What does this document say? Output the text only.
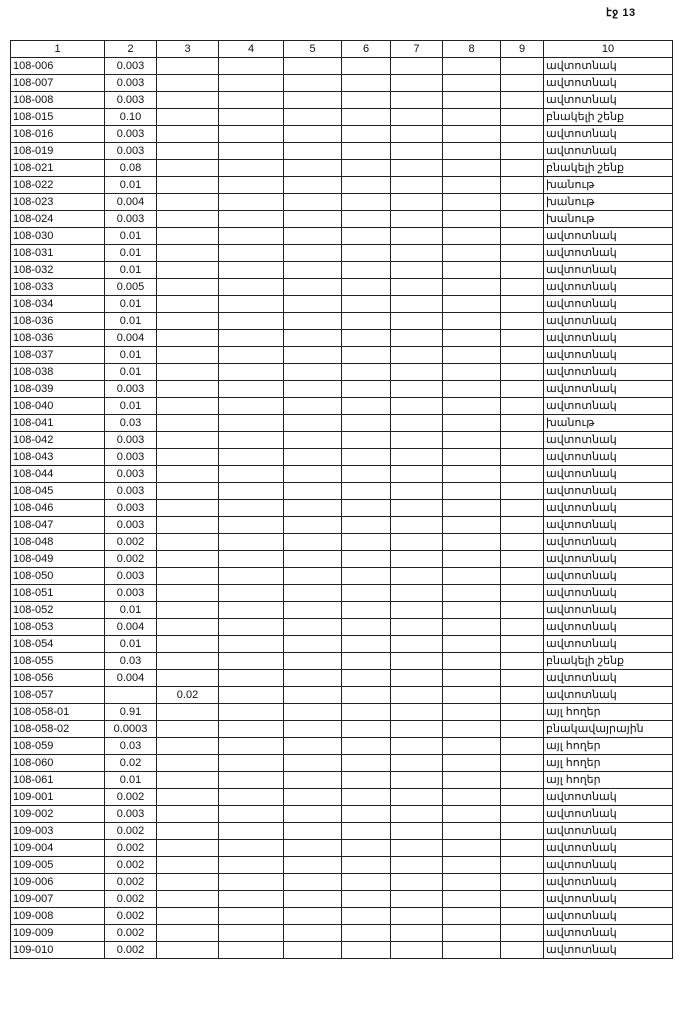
էջ 13
1	2	3	4	5	6	7	8	9	10
108-006	0.003								ավտոտնակ
108-007	0.003								ավտոտնակ
108-008	0.003								ավտոտնակ
108-015	0.10								բնակելի շենք
108-016	0.003								ավտոտնակ
108-019	0.003								ավտոտնակ
108-021	0.08								բնակելի շենք
108-022	0.01								խանութ
108-023	0.004								խանութ
108-024	0.003								խանութ
108-030	0.01								ավտոտնակ
108-031	0.01								ավտոտնակ
108-032	0.01								ավտոտնակ
108-033	0.005								ավտոտնակ
108-034	0.01								ավտոտնակ
108-036	0.01								ավտոտնակ
108-036	0.004								ավտոտնակ
108-037	0.01								ավտոտնակ
108-038	0.01								ավտոտնակ
108-039	0.003								ավտոտնակ
108-040	0.01								ավտոտնակ
108-041	0.03								խանութ
108-042	0.003								ավտոտնակ
108-043	0.003								ավտոտնակ
108-044	0.003								ավտոտնակ
108-045	0.003								ավտոտնակ
108-046	0.003								ավտոտնակ
108-047	0.003								ավտոտնակ
108-048	0.002								ավտոտնակ
108-049	0.002								ավտոտնակ
108-050	0.003								ավտոտնակ
108-051	0.003								ավտոտնակ
108-052	0.01								ավտոտնակ
108-053	0.004								ավտոտնակ
108-054	0.01								ավտոտնակ
108-055	0.03								բնակելի շենք
108-056	0.004								ավտոտնակ
108-057		0.02							ավտոտնակ
108-058-01	0.91								այլ հողեր
108-058-02	0.0003								բնակավայրային
108-059	0.03								այլ հողեր
108-060	0.02								այլ հողեր
108-061	0.01								այլ հողեր
109-001	0.002								ավտոտնակ
109-002	0.003								ավտոտնակ
109-003	0.002								ավտոտնակ
109-004	0.002								ավտոտնակ
109-005	0.002								ավտոտնակ
109-006	0.002								ավտոտնակ
109-007	0.002								ավտոտնակ
109-008	0.002								ավտոտնակ
109-009	0.002								ավտոտնակ
109-010	0.002								ավտոտնակ
